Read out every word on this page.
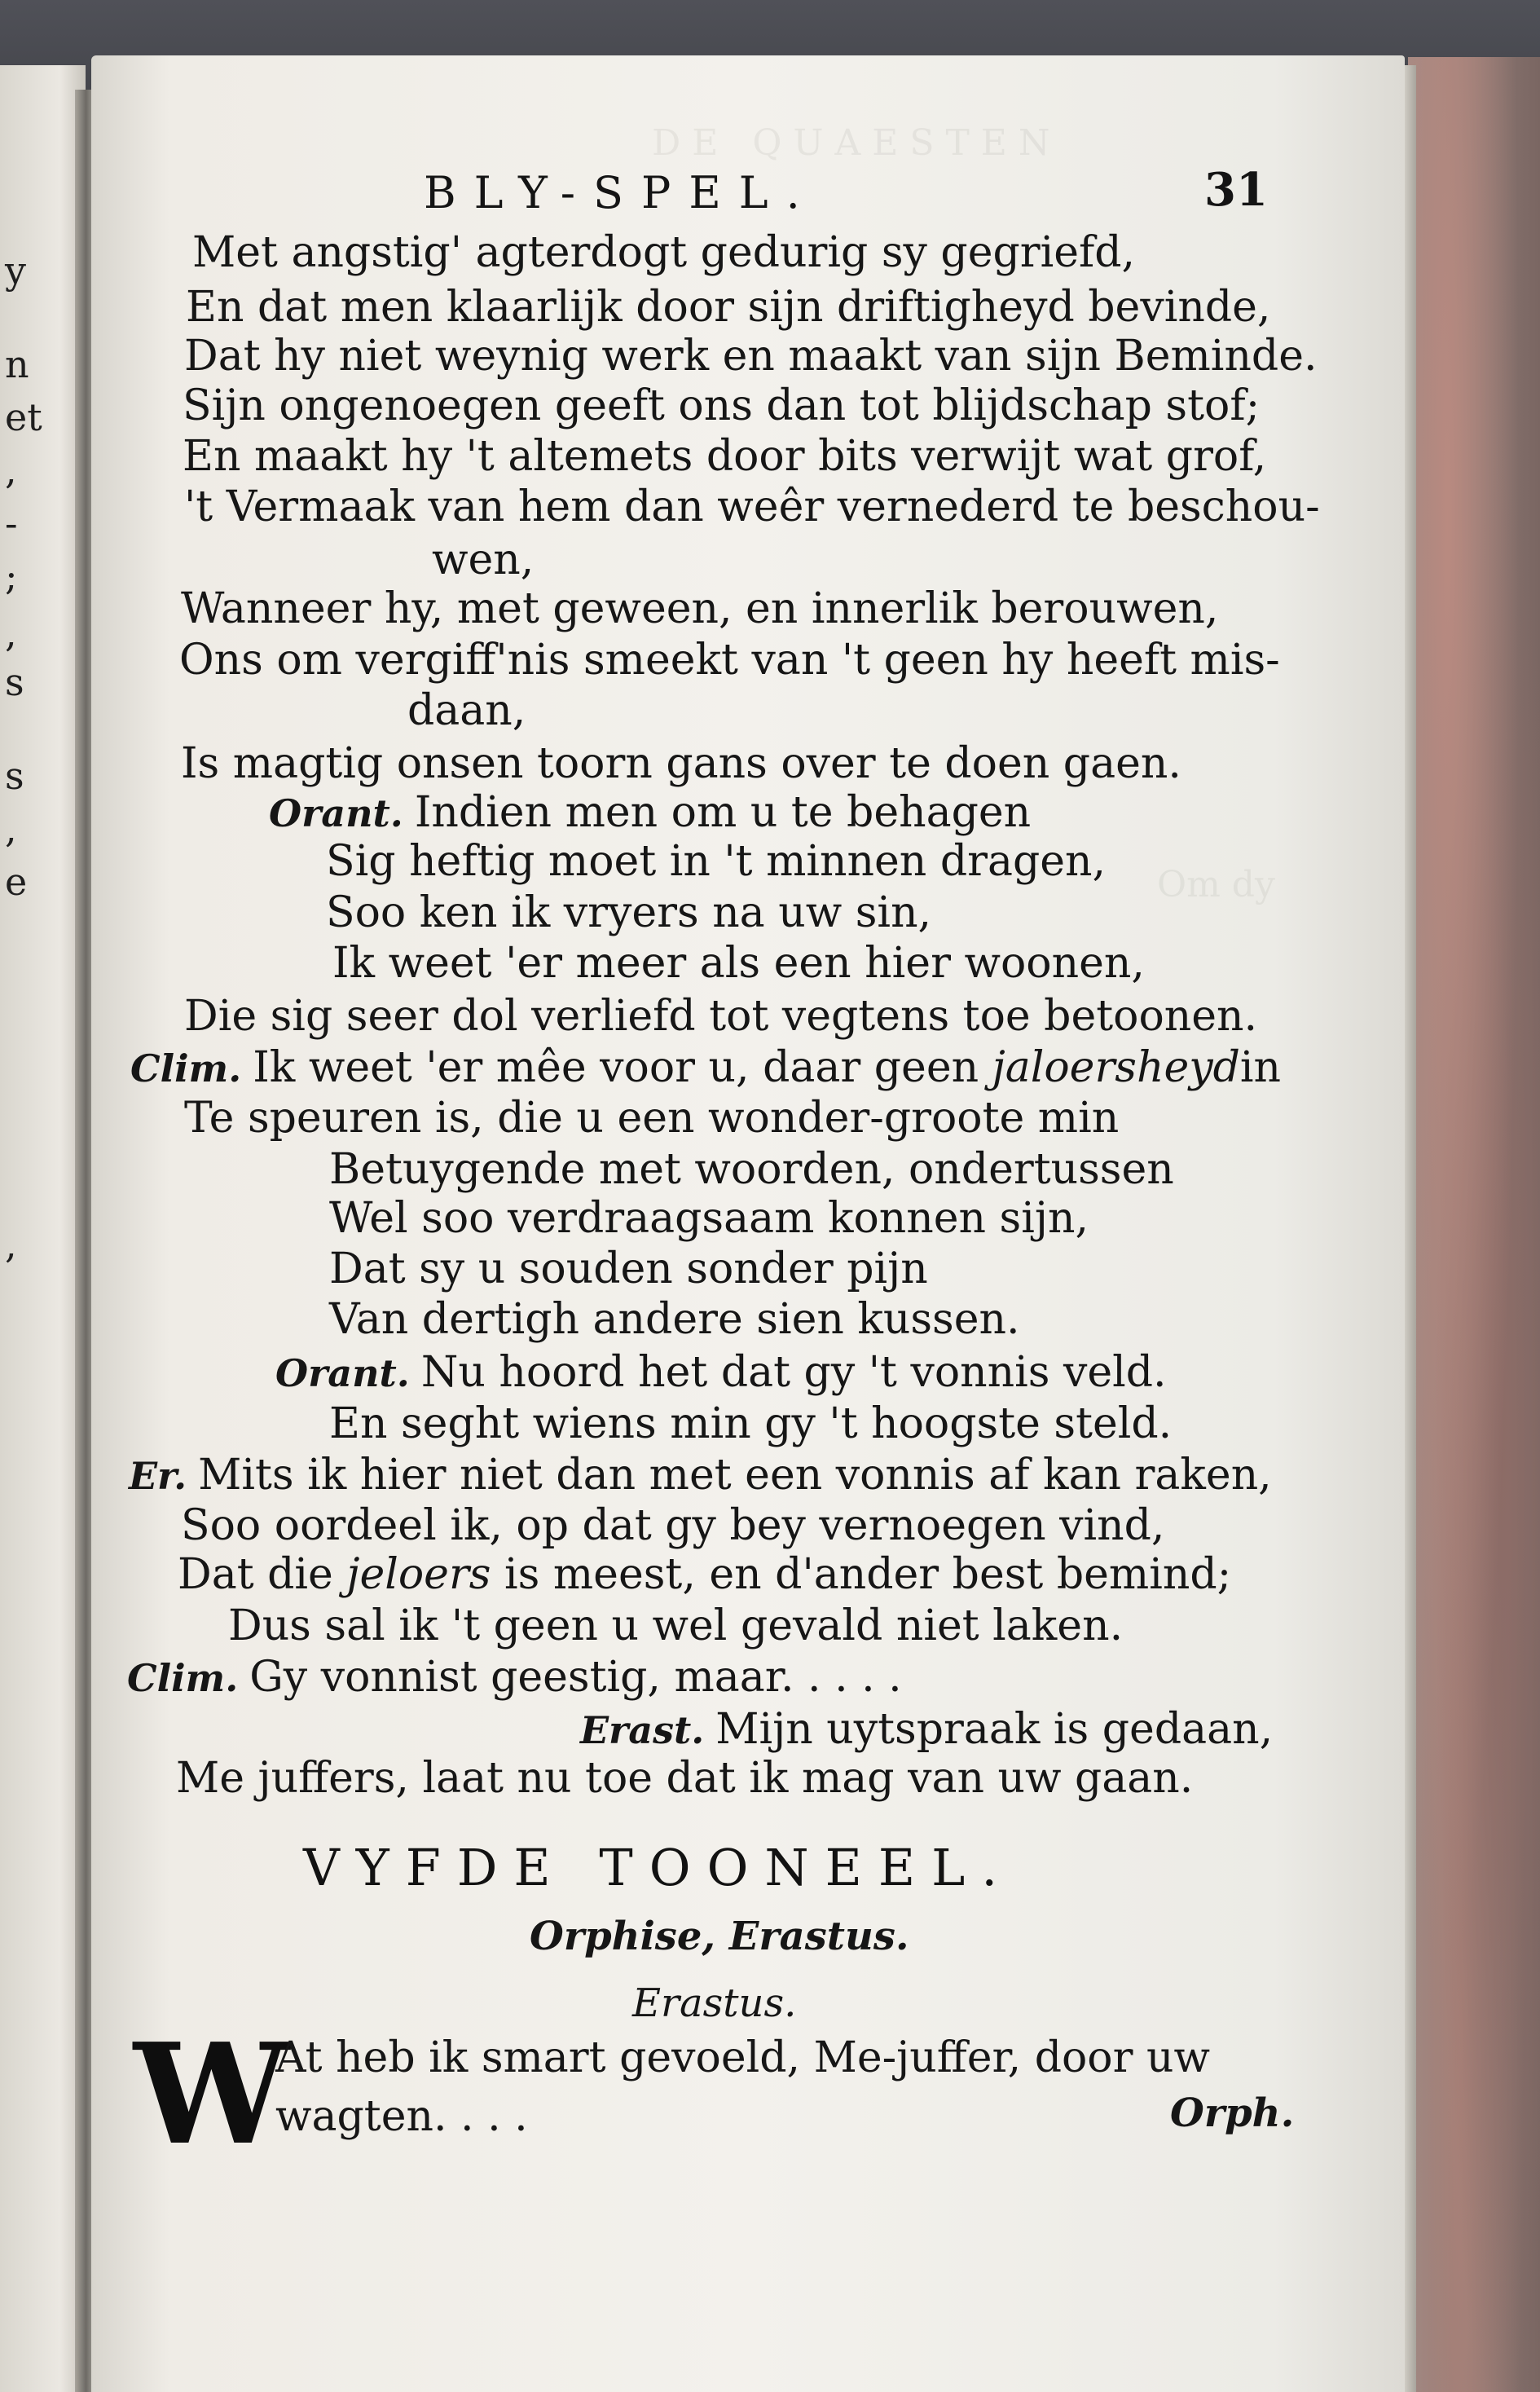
D E   Q U A E S T E N
Om dy
y
n
et
,
-
;
,
s
s
,
e
,
BLY-SPEL.	31
Met angstig' agterdogt gedurig sy gegriefd,
En dat men klaarlijk door sijn driftigheyd bevinde,
Dat hy niet weynig werk en maakt van sijn Beminde.
Sijn ongenoegen geeft ons dan tot blijdschap stof;
En maakt hy 't altemets door bits verwijt wat grof,
't Vermaak van hem dan weêr vernederd te beschou-
wen,
Wanneer hy, met geween, en innerlik berouwen,
Ons om vergiff'nis smeekt van 't geen hy heeft mis-
daan,
Is magtig onsen toorn gans over te doen gaen.
Orant. Indien men om u te behagen
Sig heftig moet in 't minnen dragen,
Soo ken ik vryers na uw sin,
Ik weet 'er meer als een hier woonen,
Die sig seer dol verliefd tot vegtens toe betoonen.
Clim. Ik weet 'er mêe voor u, daar geen jaloersheydin
Te speuren is, die u een wonder-groote min
Betuygende met woorden, ondertussen
Wel soo verdraagsaam konnen sijn,
Dat sy u souden sonder pijn
Van dertigh andere sien kussen.
Orant. Nu hoord het dat gy 't vonnis veld.
En seght wiens min gy 't hoogste steld.
Er. Mits ik hier niet dan met een vonnis af kan raken,
Soo oordeel ik, op dat gy bey vernoegen vind,
Dat die jeloers is meest, en d'ander best bemind;
Dus sal ik 't geen u wel gevald niet laken.
Clim. Gy vonnist geestig, maar. . . . .
Erast. Mijn uytspraak is gedaan,
Me juffers, laat nu toe dat ik mag van uw gaan.
VYFDE TOONEEL.
Orphise, Erastus.
Erastus.
W
At heb ik smart gevoeld, Me-juffer, door uw
wagten. . . .	Orph.
